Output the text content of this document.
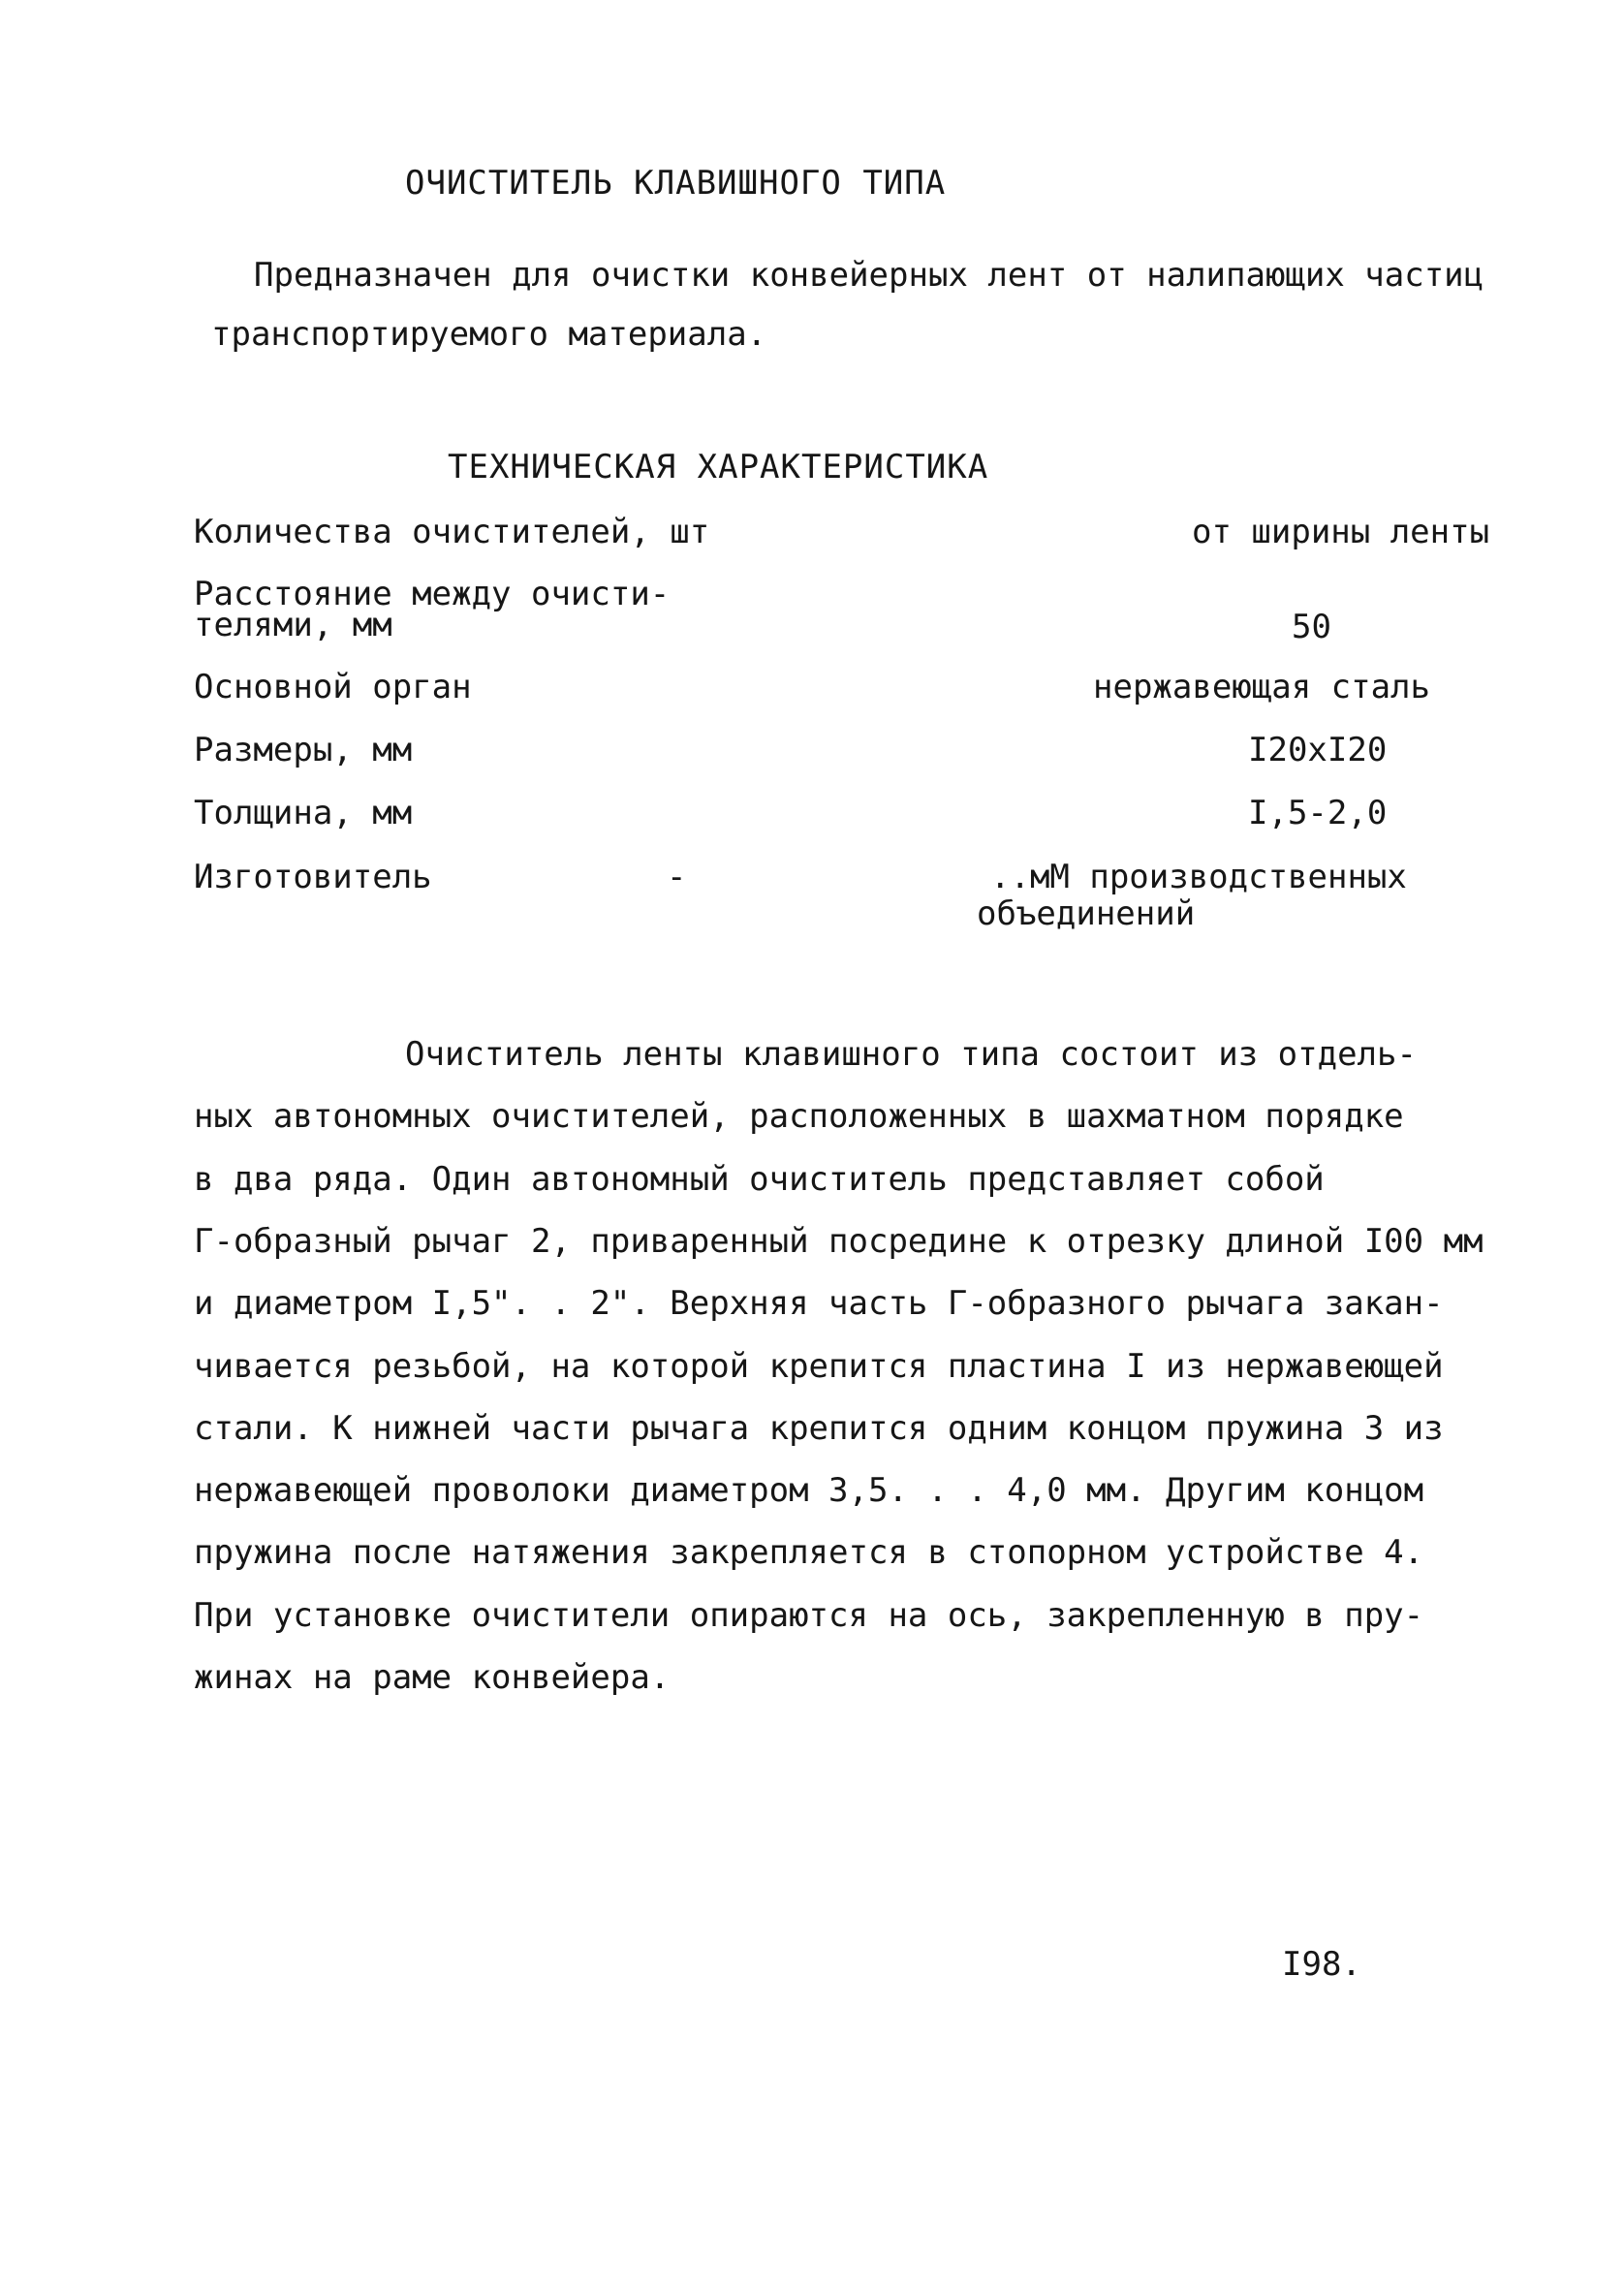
ОЧИСТИТЕЛЬ КЛАВИШНОГО ТИПА
Предназначен для очистки конвейерных лент от налипающих частиц
транспортируемого материала.
ТЕХНИЧЕСКАЯ ХАРАКТЕРИСТИКА
Количества очистителей, шт	от ширины ленты
Расстояние между очисти-
телями, мм	50
Основной орган	нержавеющая сталь
Размеры, мм	I20xI20
Толщина, мм	I,5-2,0
Изготовитель	-	..мМ производственных
объединений
Очиститель ленты клавишного типа состоит из отдель-
ных автономных очистителей, расположенных в шахматном порядке
в два ряда. Один автономный очиститель представляет собой
Г-образный рычаг 2, приваренный посредине к отрезку длиной I00 мм
и диаметром I,5". . 2". Верхняя часть Г-образного рычага закан-
чивается резьбой, на которой крепится пластина I из нержавеющей
стали. К нижней части рычага крепится одним концом пружина 3 из
нержавеющей проволоки диаметром 3,5. . . 4,0 мм. Другим концом
пружина после натяжения закрепляется в стопорном устройстве 4.
При установке очистители опираются на ось, закрепленную в пру-
жинах на раме конвейера.
I98.
